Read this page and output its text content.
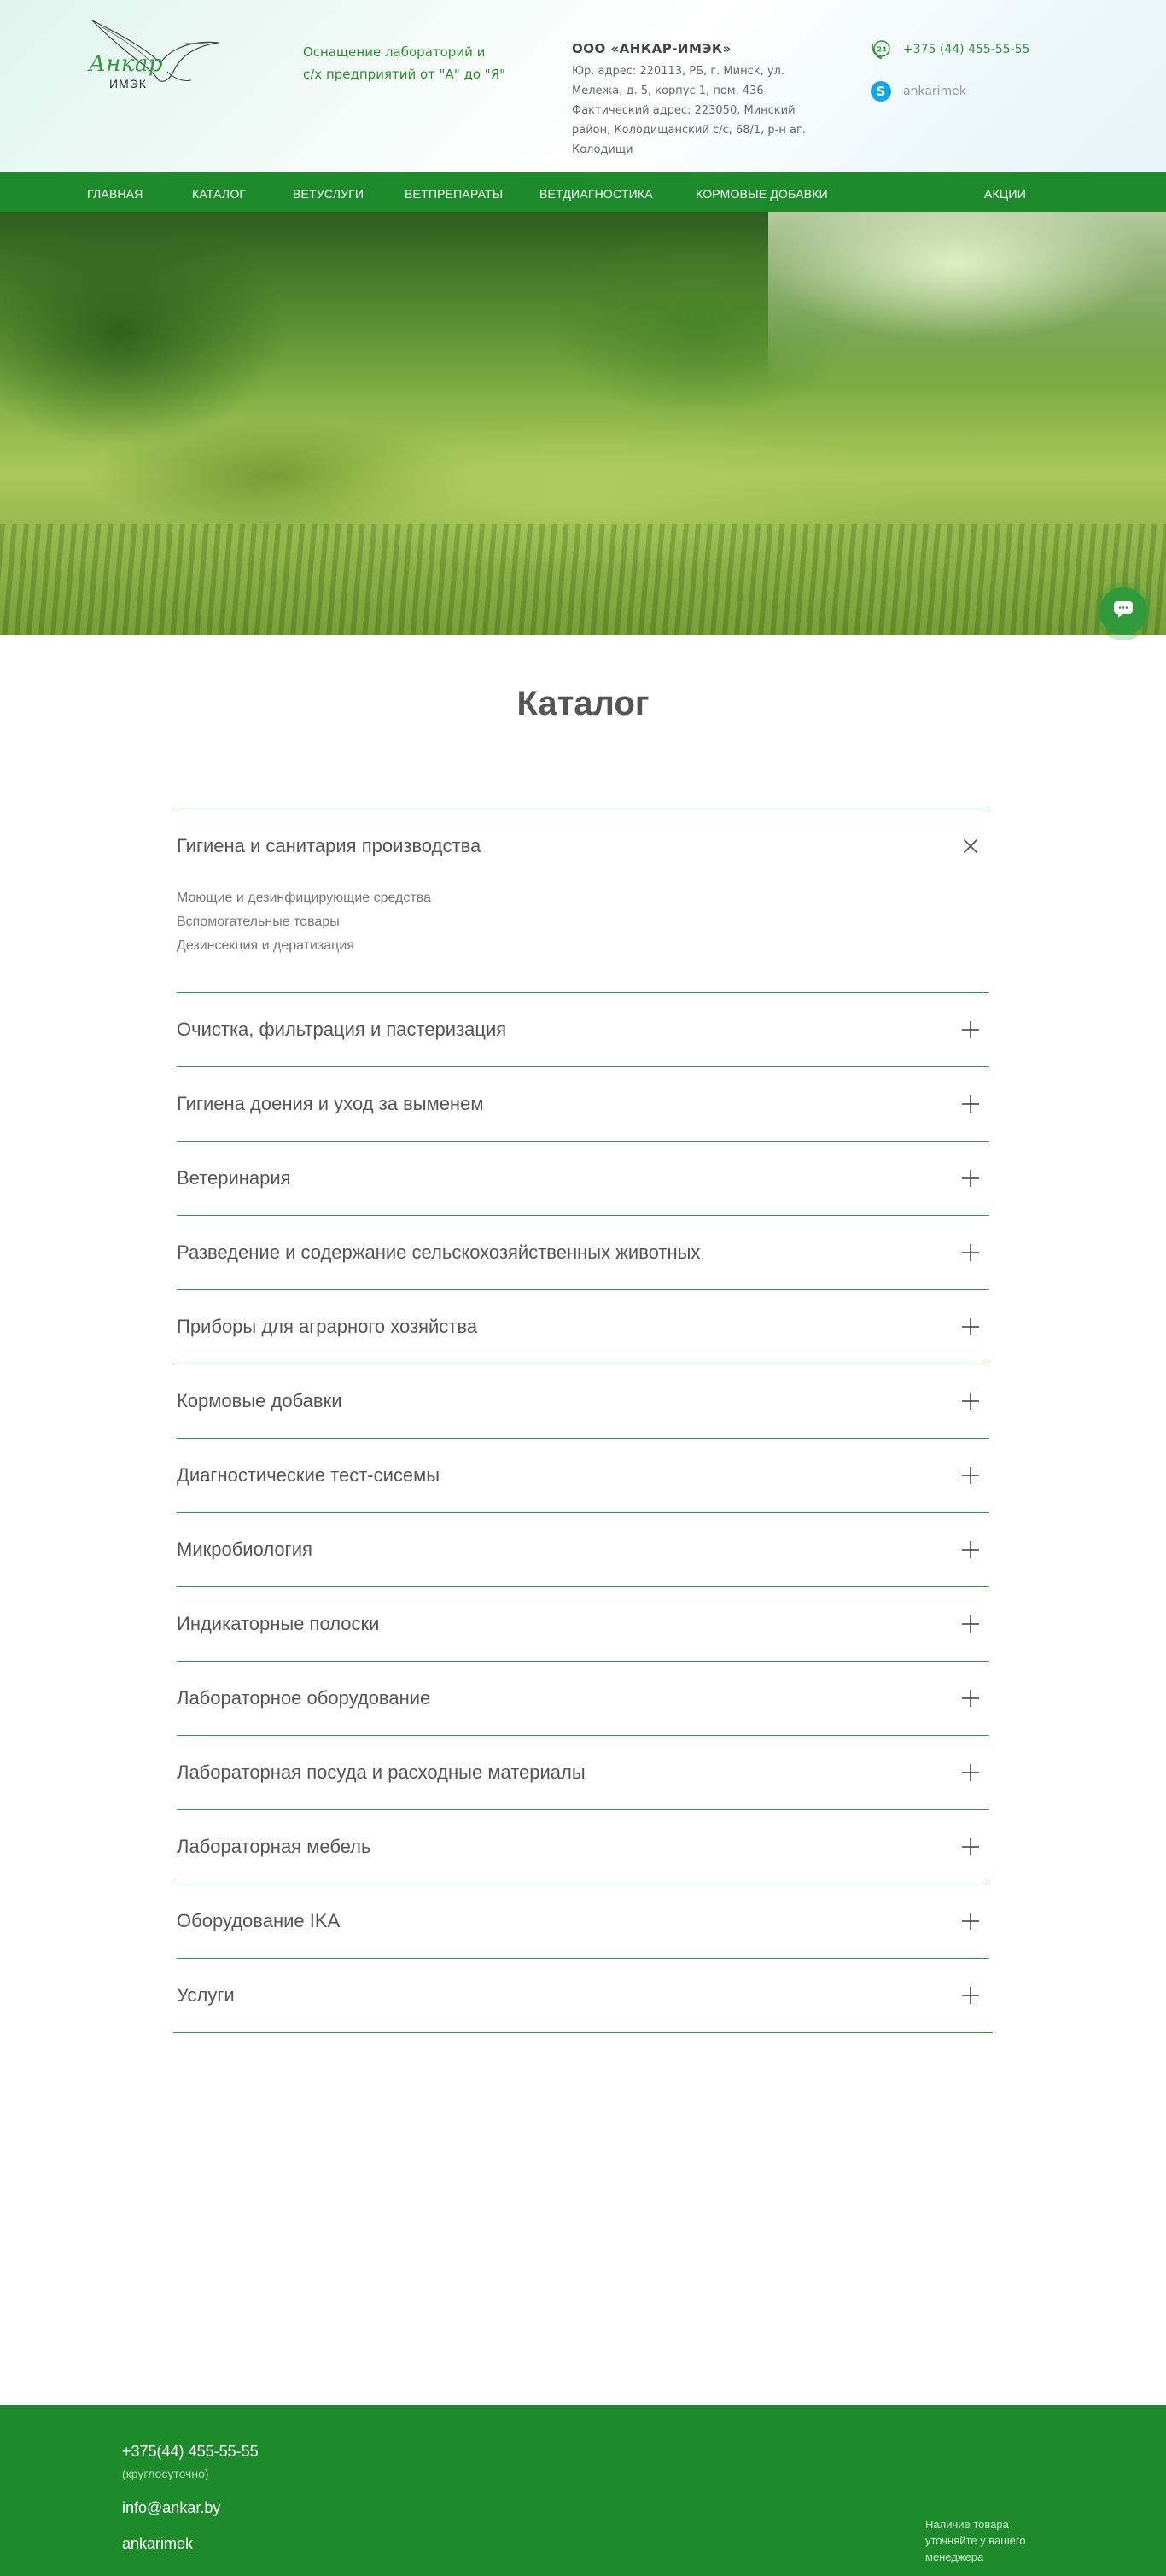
Анкар
ИМЭК
Оснащение лабораторий и
с/х предприятий от "А" до "Я"
ООО «АНКАР-ИМЭК»
Юр. адрес: 220113, РБ, г. Минск, ул.
Мележа, д. 5, корпус 1, пом. 436
Фактический адрес: 223050, Минский
район, Колодищанский с/с, 68/1, р-н аг.
Колодищи
24 +375 (44) 455-55-55
S ankarimek
ГЛАВНАЯ	КАТАЛОГ	ВЕТУСЛУГИ	ВЕТПРЕПАРАТЫ	ВЕТДИАГНОСТИКА	КОРМОВЫЕ ДОБАВКИ	АКЦИИ
Каталог
Гигиена и санитария производства
Моющие и дезинфицирующие средства
Вспомогательные товары
Дезинсекция и дератизация
Очистка, фильтрация и пастеризация
Гигиена доения и уход за выменем
Ветеринария
Разведение и содержание сельскохозяйственных животных
Приборы для аграрного хозяйства
Кормовые добавки
Диагностические тест-сисемы
Микробиология
Индикаторные полоски
Лабораторное оборудование
Лабораторная посуда и расходные материалы
Лабораторная мебель
Оборудование IKA
Услуги
+375(44) 455-55-55
(круглосуточно)
info@ankar.by
ankarimek
Наличие товара
уточняйте у вашего
менеджера
